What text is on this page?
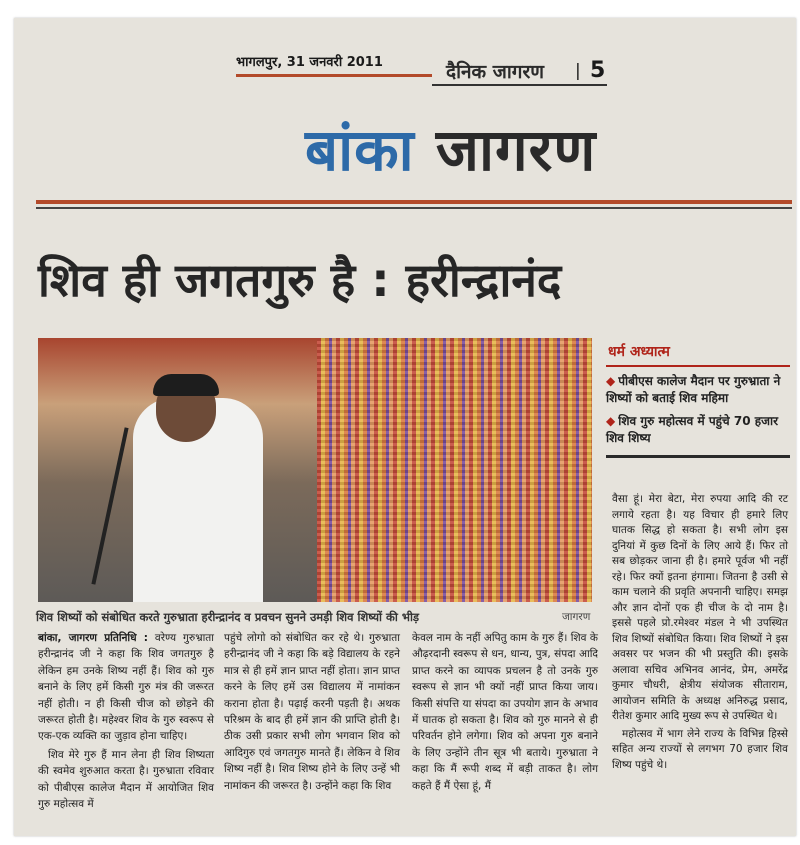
भागलपुर, 31 जनवरी 2011	दैनिक जागरण | 5
बांका जागरण
शिव ही जगतगुरु है : हरीन्द्रानंद
धर्म अध्यात्म
◆ पीबीएस कालेज मैदान पर गुरुभ्राता ने शिष्यों को बताई शिव महिमा
◆ शिव गुरु महोत्सव में पहुंचे 70 हजार शिव शिष्य
शिव शिष्यों को संबोधित करते गुरुभ्राता हरीन्द्रानंद व प्रवचन सुनने उमड़ी शिव शिष्यों की भीड़	जागरण

बांका, जागरण प्रतिनिधि : वरेण्य गुरुभ्राता हरीन्द्रानंद जी ने कहा कि शिव जगतगुरु है लेकिन हम उनके शिष्य नहीं हैं। शिव को गुरु बनाने के लिए हमें किसी गुरु मंत्र की जरूरत नहीं होती। न ही किसी चीज को छोड़ने की जरूरत होती है। महेश्वर शिव के गुरु स्वरूप से एक-एक व्यक्ति का जुड़ाव होना चाहिए।

शिव मेरे गुरु हैं मान लेना ही शिव शिष्यता की स्वमेव शुरुआत करता है। गुरुभ्राता रविवार को पीबीएस कालेज मैदान में आयोजित शिव गुरु महोत्सव में

पहुंचे लोगो को संबोधित कर रहे थे। गुरुभ्राता हरीन्द्रानंद जी ने कहा कि बड़े विद्यालय के रहने मात्र से ही हमें ज्ञान प्राप्त नहीं होता। ज्ञान प्राप्त करने के लिए हमें उस विद्यालय में नामांकन कराना होता है। पढ़ाई करनी पड़ती है। अथक परिश्रम के बाद ही हमें ज्ञान की प्राप्ति होती है। ठीक उसी प्रकार सभी लोग भगवान शिव को आदिगुरु एवं जगतगुरु मानते हैं। लेकिन वे शिव शिष्य नहीं है। शिव शिष्य होने के लिए उन्हें भी नामांकन की जरूरत है। उन्होंने कहा कि शिव

केवल नाम के नहीं अपितु काम के गुरु हैं। शिव के औढ़रदानी स्वरूप से धन, धान्य, पुत्र, संपदा आदि प्राप्त करने का व्यापक प्रचलन है तो उनके गुरु स्वरूप से ज्ञान भी क्यों नहीं प्राप्त किया जाय। किसी संपत्ति या संपदा का उपयोग ज्ञान के अभाव में घातक हो सकता है। शिव को गुरु मानने से ही परिवर्तन होने लगेगा। शिव को अपना गुरु बनाने के लिए उन्होंने तीन सूत्र भी बताये। गुरुभ्राता ने कहा कि मैं रूपी शब्द में बड़ी ताकत है। लोग कहते हैं मैं ऐसा हूं, मैं

वैसा हूं। मेरा बेटा, मेरा रुपया आदि की रट लगाये रहता है। यह विचार ही हमारे लिए घातक सिद्ध हो सकता है। सभी लोग इस दुनियां में कुछ दिनों के लिए आये हैं। फिर तो सब छोड़कर जाना ही है। हमारे पूर्वज भी नहीं रहे। फिर क्यों इतना हंगामा। जितना है उसी से काम चलाने की प्रवृति अपनानी चाहिए। समझ और ज्ञान दोनों एक ही चीज के दो नाम है। इससे पहले प्रो.रमेश्वर मंडल ने भी उपस्थित शिव शिष्यों संबोधित किया। शिव शिष्यों ने इस अवसर पर भजन की भी प्रस्तुति की। इसके अलावा सचिव अभिनव आनंद, प्रेम, अमरेंद्र कुमार चौधरी, क्षेत्रीय संयोजक सीताराम, आयोजन समिति के अध्यक्ष अनिरुद्ध प्रसाद, रीतेश कुमार आदि मुख्य रूप से उपस्थित थे।

महोत्सव में भाग लेने राज्य के विभिन्न हिस्से सहित अन्य राज्यों से लगभग 70 हजार शिव शिष्य पहुंचे थे।
